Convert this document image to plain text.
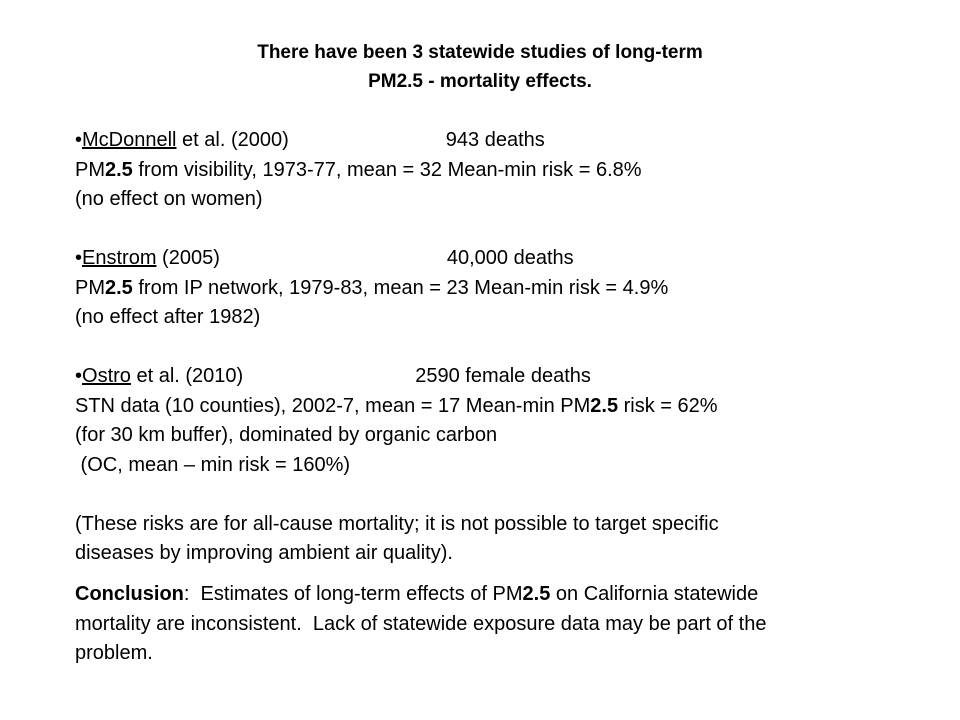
There have been 3 statewide studies of long-term
PM2.5 - mortality effects.
•McDonnell et al. (2000)	943 deaths
PM2.5 from visibility, 1973-77, mean = 32 Mean-min risk = 6.8%
(no effect on women)
•Enstrom (2005)	40,000 deaths
PM2.5 from IP network, 1979-83, mean = 23 Mean-min risk = 4.9%
(no effect after 1982)
•Ostro et al. (2010)	2590 female deaths
STN data (10 counties), 2002-7, mean = 17 Mean-min PM2.5 risk = 62%
(for 30 km buffer), dominated by organic carbon
(OC, mean – min risk = 160%)
(These risks are for all-cause mortality; it is not possible to target specific
diseases by improving ambient air quality).
Conclusion:  Estimates of long-term effects of PM2.5 on California statewide
mortality are inconsistent.  Lack of statewide exposure data may be part of the
problem.
